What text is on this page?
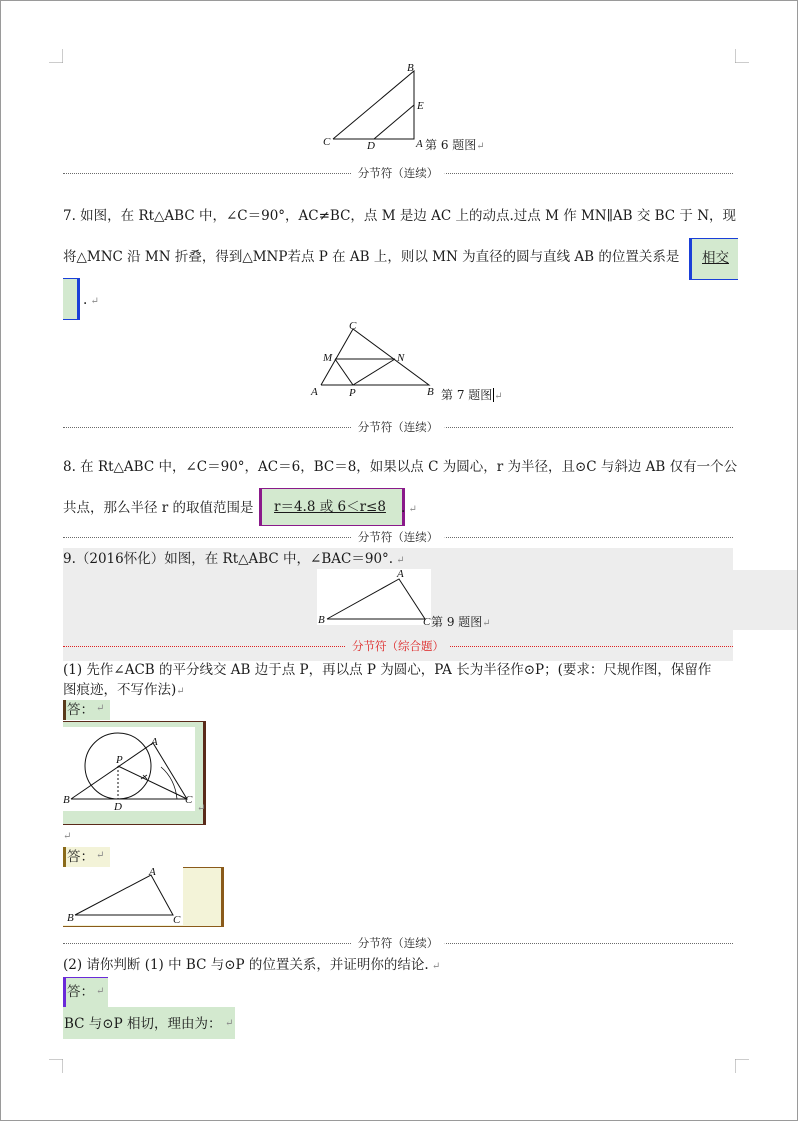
B
E
C	D	A 第 6 题图↵
分节符（连续）
7. 如图，在 Rt△ABC 中，∠C＝90°，AC≠BC，点 M 是边 AC 上的动点.过点 M 作 MN∥AB 交 BC 于 N，现
将△MNC 沿 MN 折叠，得到△MNP若点 P 在 AB 上，则以 MN 为直径的圆与直线 AB 的位置关系是 相交
. ↵
C
M	N
A	P	B 第 7 题图 ↵
分节符（连续）
8. 在 Rt△ABC 中，∠C＝90°，AC＝6，BC＝8，如果以点 C 为圆心，r 为半径，且⊙C 与斜边 AB 仅有一个公
共点，那么半径 r 的取值范围是 r＝4.8 或 6＜r≤8 . ↵
分节符（连续）
9.（2016怀化）如图，在 Rt△ABC 中，∠BAC＝90°. ↵
A
B	C 第 9 题图↵
分节符（综合题）
(1) 先作∠ACB 的平分线交 AB 边于点 P，再以点 P 为圆心，PA 长为半径作⊙P；(要求：尺规作图，保留作
图痕迹，不写作法)↵
答： ↵
A
P
B
D
C
↵
↵
答： ↵
A
B	C
分节符（连续）
(2) 请你判断 (1) 中 BC 与⊙P 的位置关系，并证明你的结论. ↵
答： ↵
BC 与⊙P 相切，理由为： ↵
